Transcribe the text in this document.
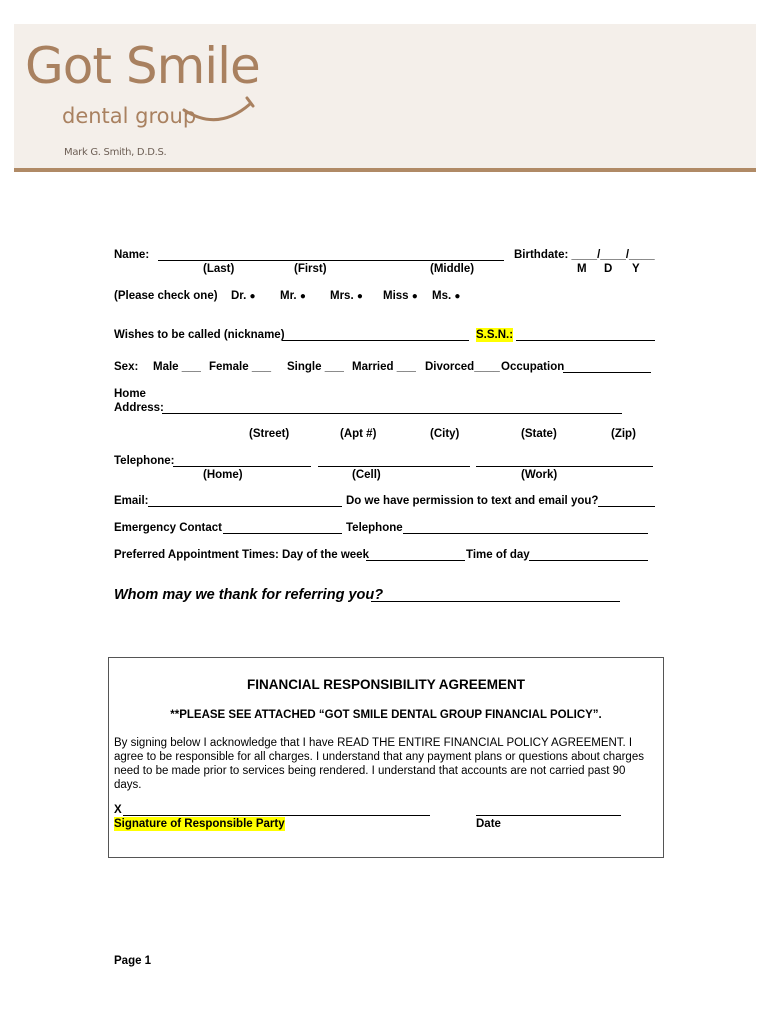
Got Smile
dental group
Mark G. Smith, D.D.S.
Name:	Birthdate: ____/____/____
(Last)	(First)	(Middle)	M D Y
(Please check one) Dr. ● Mr. ● Mrs. ● Miss ● Ms. ●
Wishes to be called (nickname)	S.S.N.:
Sex: Male ___ Female ___ Single ___ Married ___ Divorced____ Occupation
Home
Address:
(Street)	(Apt #)	(City)	(State)	(Zip)
Telephone:
(Home)	(Cell)	(Work)
Email:	Do we have permission to text and email you?
Emergency Contact	Telephone
Preferred Appointment Times: Day of the week	Time of day
Whom may we thank for referring you?
FINANCIAL RESPONSIBILITY AGREEMENT
**PLEASE SEE ATTACHED “GOT SMILE DENTAL GROUP FINANCIAL POLICY”.
By signing below I acknowledge that I have READ THE ENTIRE FINANCIAL POLICY AGREEMENT. I agree to be responsible for all charges. I understand that any payment plans or questions about charges need to be made prior to services being rendered. I understand that accounts are not carried past 90 days.
X
Signature of Responsible Party	Date
Page 1
